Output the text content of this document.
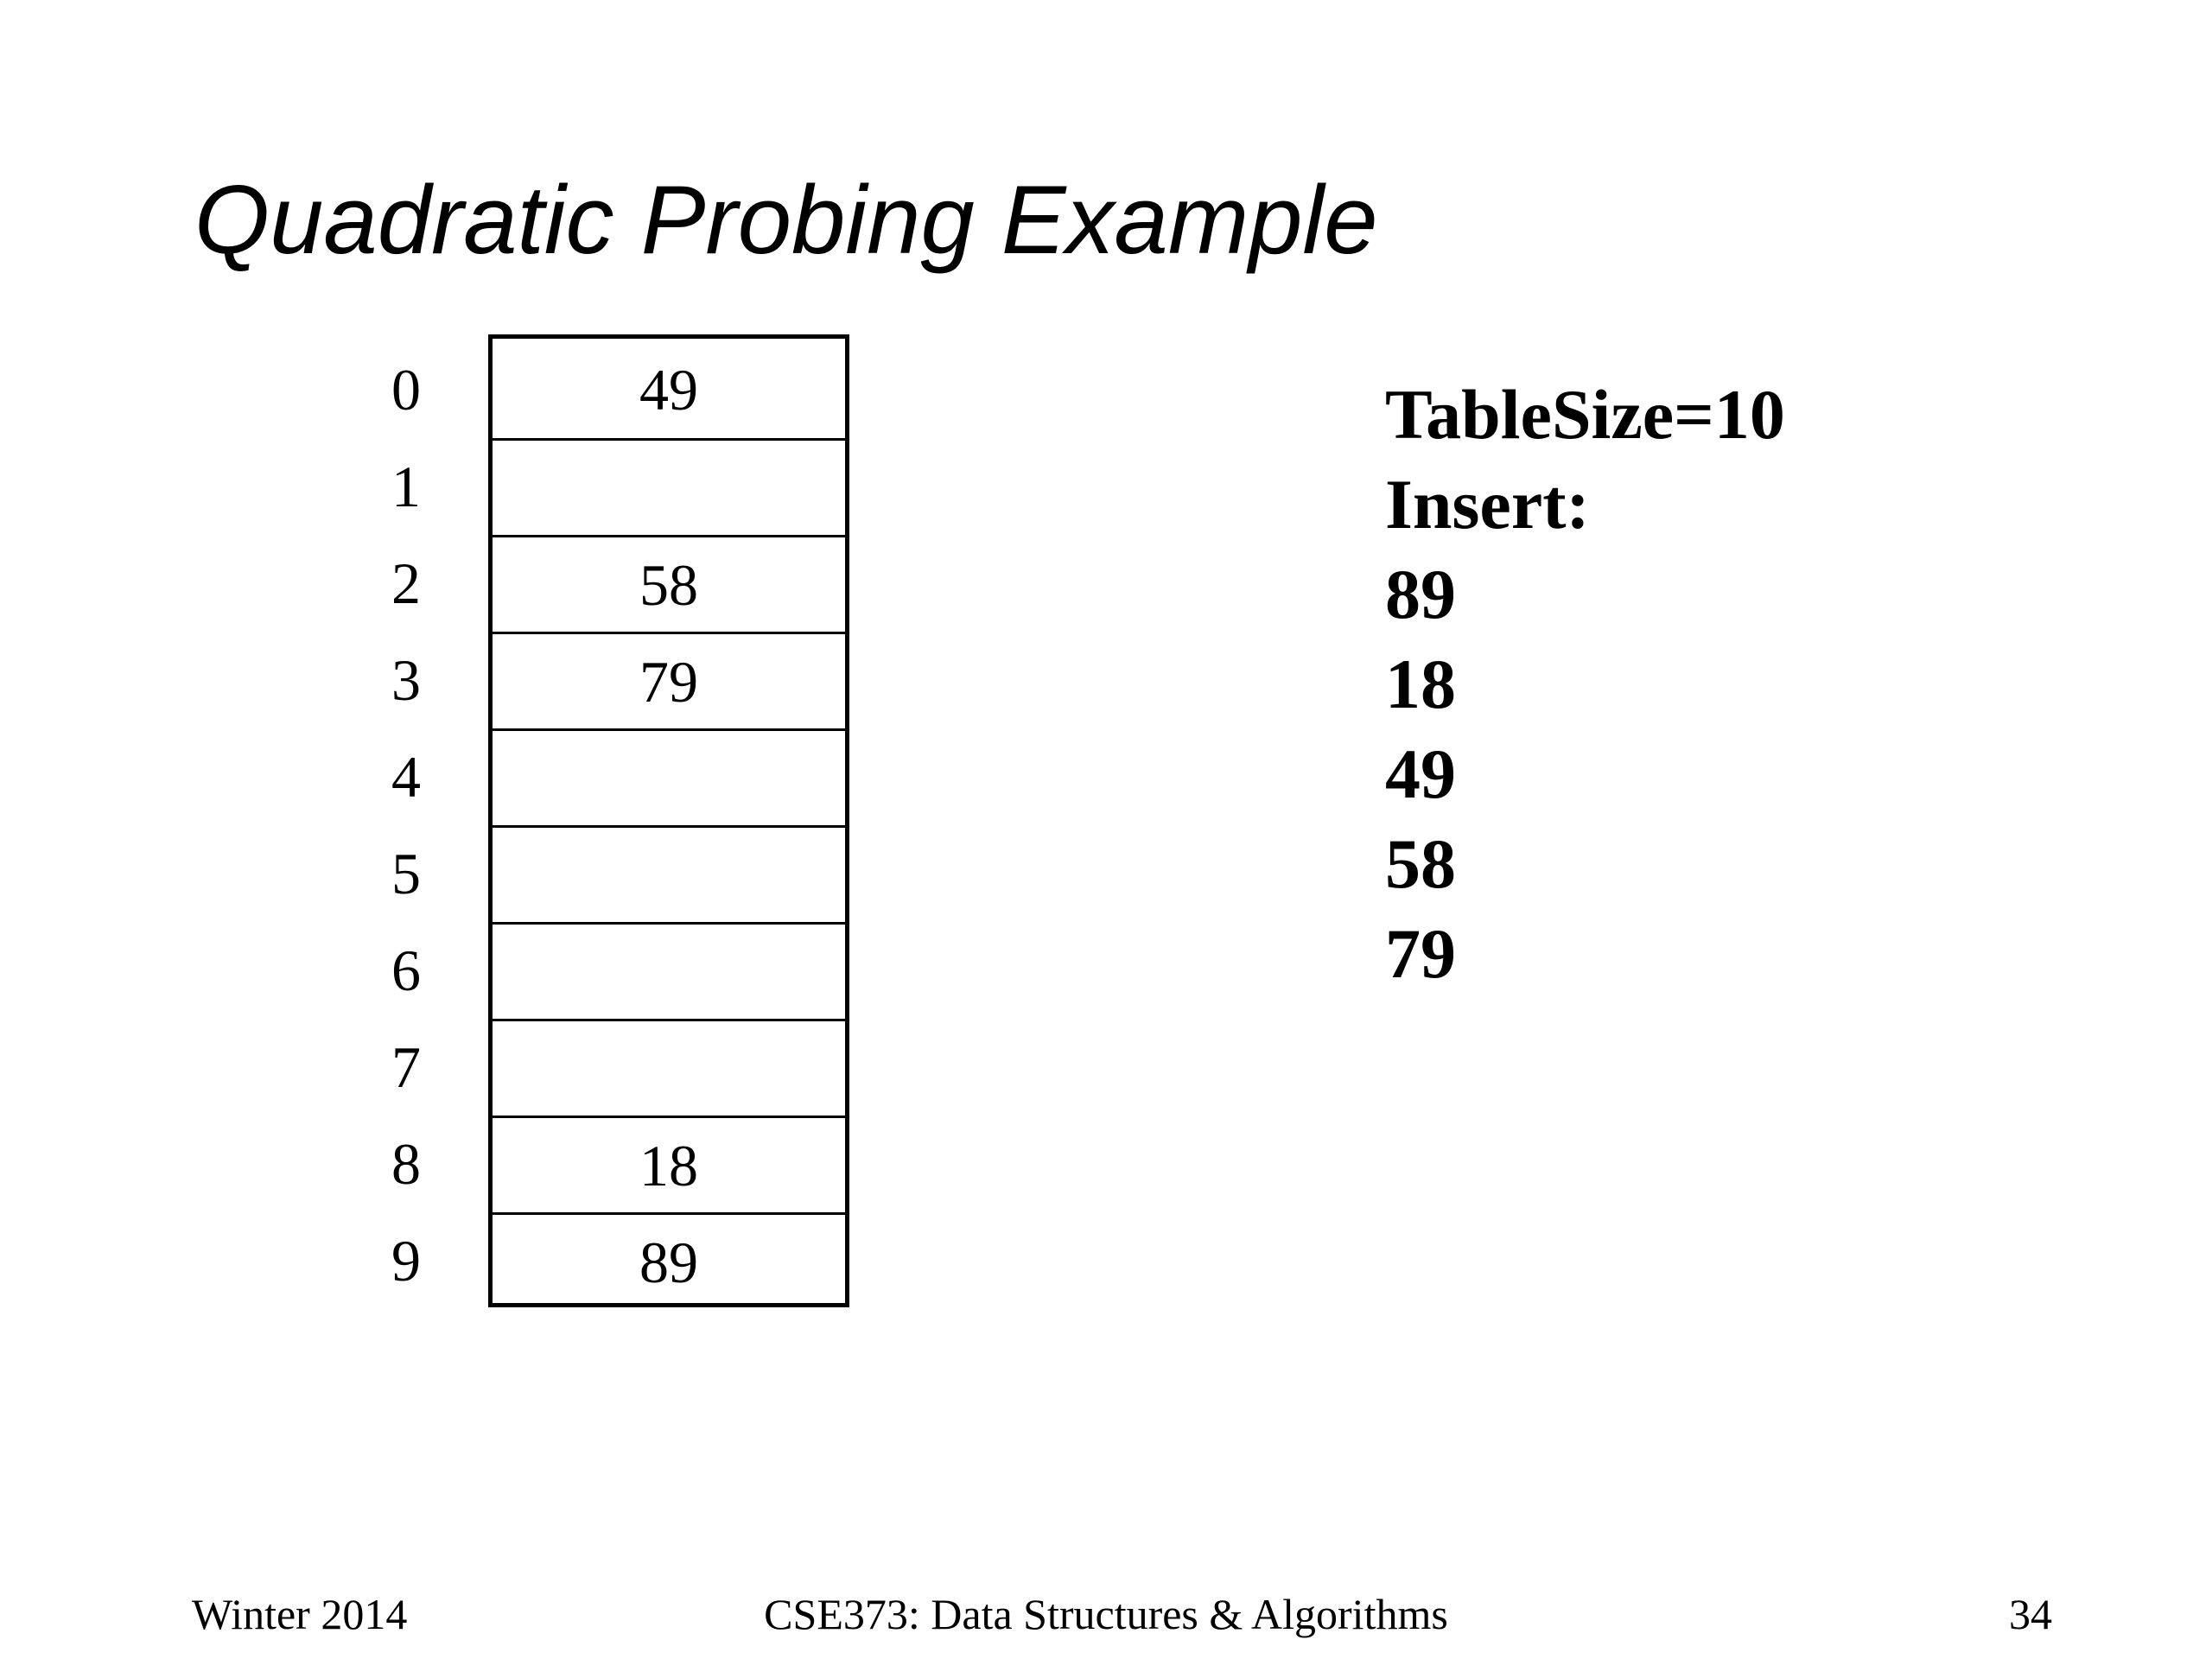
Quadratic Probing Example
0
1
2
3
4
5
6
7
8
9
49
58
79
18
89
TableSize=10
Insert:
89
18
49
58
79
Winter 2014	CSE373: Data Structures & Algorithms	34
